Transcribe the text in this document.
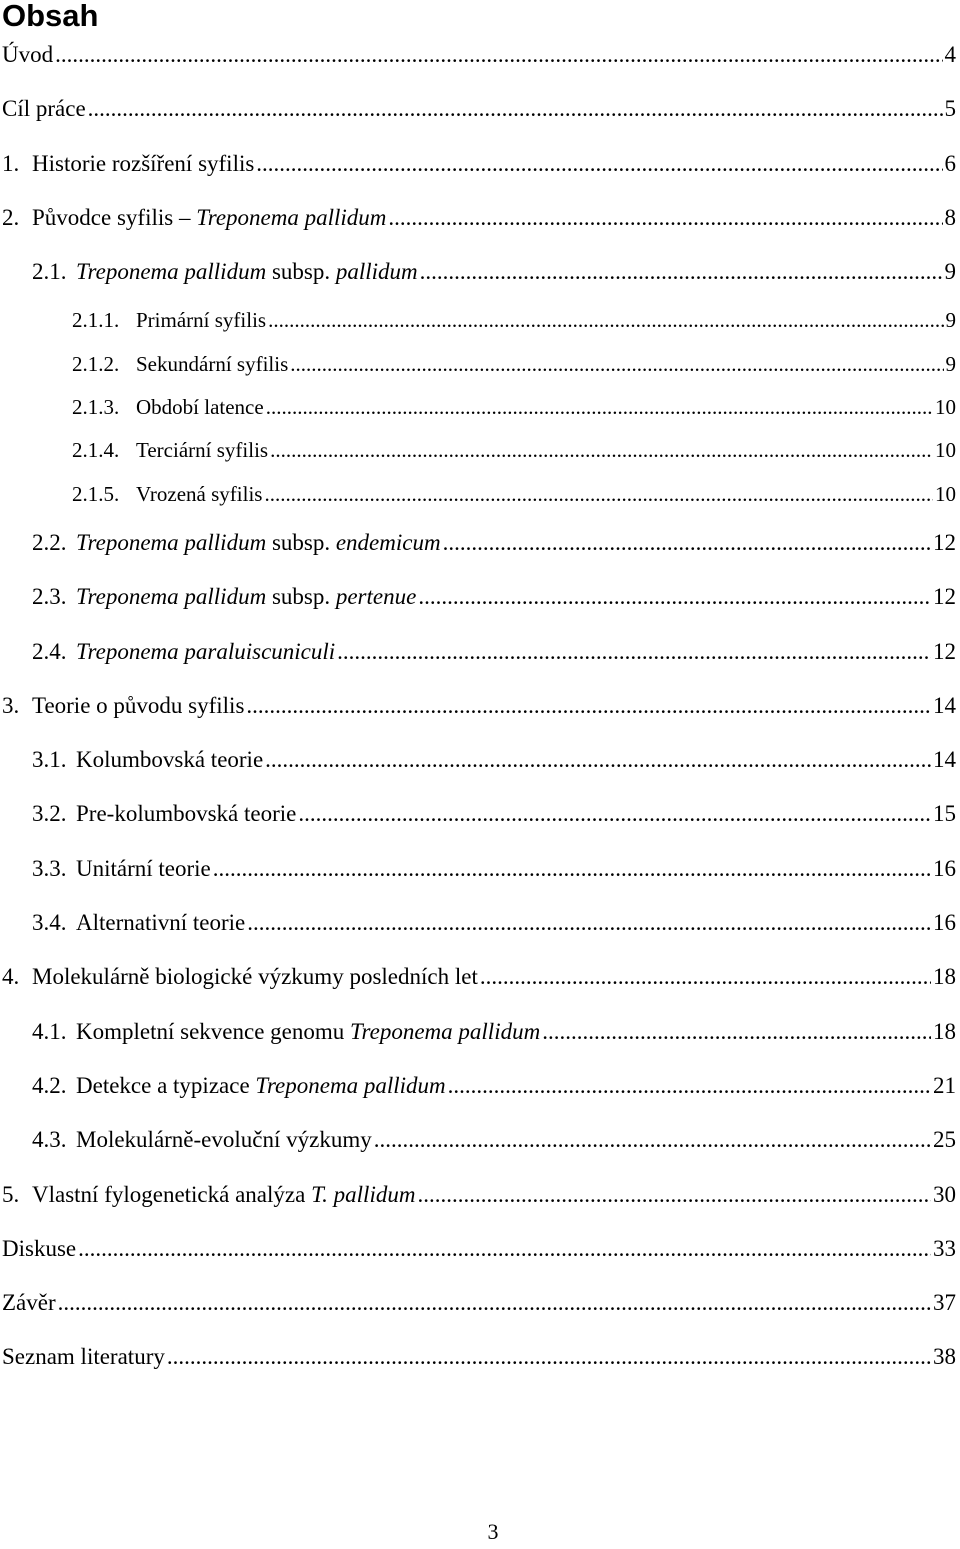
Obsah
Úvod .....	4
Cíl práce .....	5
1. Historie rozšíření syfilis .....	6
2. Původce syfilis – Treponema pallidum .....	8
2.1. Treponema pallidum subsp. pallidum .....	9
2.1.1. Primární syfilis .....	9
2.1.2. Sekundární syfilis .....	9
2.1.3. Období latence .....	10
2.1.4. Terciární syfilis .....	10
2.1.5. Vrozená syfilis .....	10
2.2. Treponema pallidum subsp. endemicum .....	12
2.3. Treponema pallidum subsp. pertenue .....	12
2.4. Treponema paraluiscuniculi .....	12
3. Teorie o původu syfilis .....	14
3.1. Kolumbovská teorie .....	14
3.2. Pre-kolumbovská teorie .....	15
3.3. Unitární teorie .....	16
3.4. Alternativní teorie .....	16
4. Molekulárně biologické výzkumy posledních let .....	18
4.1. Kompletní sekvence genomu Treponema pallidum .....	18
4.2. Detekce a typizace Treponema pallidum .....	21
4.3. Molekulárně-evoluční výzkumy .....	25
5. Vlastní fylogenetická analýza T. pallidum .....	30
Diskuse .....	33
Závěr .....	37
Seznam literatury .....	38
3
